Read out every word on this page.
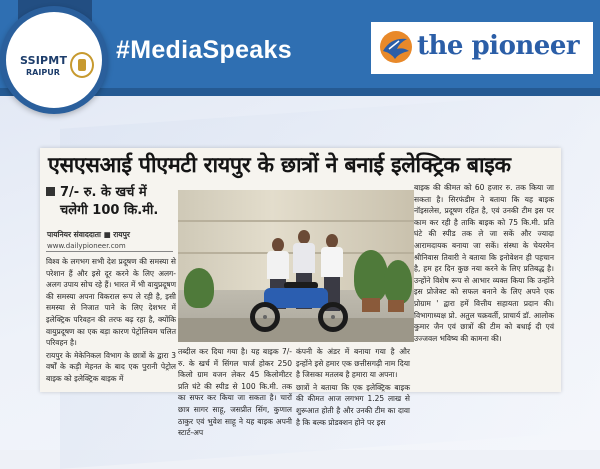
#MediaSpeaks	the pioneer
SSIPMT
RAIPUR
एसएसआई पीएमटी रायपुर के छात्रों ने बनाई इलेक्ट्रिक बाइक
7/- रु. के खर्च में
चलेगी 100 कि.मी.
पायनियर संवाददाता ■ रायपुर
www.dailypioneer.com

विश्व के लगभग सभी देश प्रदूषण की समस्या से परेशान हैं और इसे दूर करने के लिए अलग-अलग उपाय सोच रहे हैं। भारत में भी वायुप्रदूषण की समस्या अपना विकराल रूप ले रही है, इसी समस्या से निजात पाने के लिए देशभर में इलेक्ट्रिक परिवहन की तरफ बढ़ रहा है, क्योंकि वायुप्रदूषण का एक बड़ा कारण पेट्रोलियम चलित परिवहन है।

रायपुर के मेकेनिकल विभाग के छात्रों के द्वारा 3 वर्षों के कड़ी मेहनत के बाद एक पुरानी पेट्रोल बाइक को इलेक्ट्रिक बाइक में

तब्दील कर दिया गया है। यह बाइक 7/- रु. के खर्च में सिंगल चार्ज होकर 250 किलो ग्राम वजन लेकर 45 किलोमीटर प्रति घंटे की स्पीड से 100 कि.मी. तक का सफर कर किया जा सकता है। चारों छात्र सागर साहू, जसप्रीत सिंग, कुणाल ठाकुर एवं भुवेश साहू ने यह बाइक अपनी स्टार्ट-अप

कंपनी के अंडर में बनाया गया है और इन्होंने इसे हमार एक छत्तीसगढ़ी नाम दिया है जिसका मतलब है हमारा या अपना।

छात्रों ने बताया कि एक इलेक्ट्रिक बाइक की कीमत आज लगभग 1.25 लाख से शुरूआत होती है और उनकी टीम का दावा है कि बल्क प्रोडक्शन होने पर इस

बाइक की कीमत को 60 हजार रु. तक किया जा सकता है। सिरफंडीम ने बताया कि यह बाइक नॉइसलेस, प्रदूषण रहित है, एवं उनकी टीम इस पर काम कर रही है ताकि बाइक को 75 कि.मी. प्रति घंटे की स्पीड तक ले जा सकें और ज्यादा आरामदायक बनाया जा सकें। संस्था के चेयरमेन श्रीनिवास तिवारी ने बताया कि इनोवेशन ही पहचान है, हम हर दिन कुछ नया करने के लिए प्रतिबद्ध है। उन्होंने विशेष रूप से आभार व्यक्त किया कि उन्होंने इस प्रोजेक्ट को सफल बनाने के लिए अपने एक प्रोग्राम ' द्वारा हमें वित्तीय सहायता प्रदान की। विभागाध्यक्ष प्रो. अतुल चक्रवर्ती, प्राचार्य डॉ. आलोक कुमार जैन एवं छात्रों की टीम को बधाई दी एवं उज्जवल भविष्य की कामना की।
